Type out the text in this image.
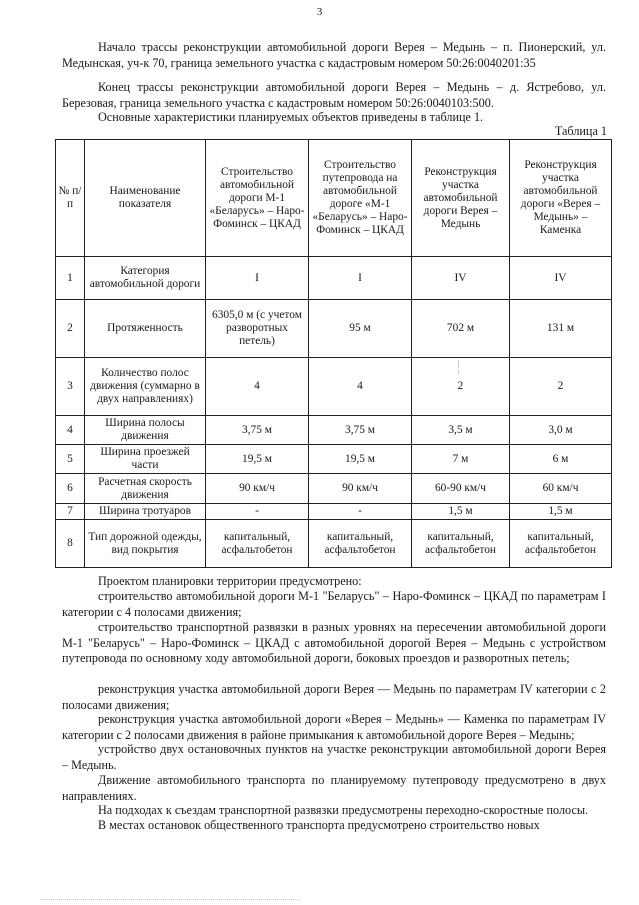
3

Начало трассы реконструкции автомобильной дороги Верея – Медынь – п. Пионерский, ул. Медынская, уч-к 70, граница земельного участка с кадастровым номером 50:26:0040201:35

Конец трассы реконструкции автомобильной дороги Верея – Медынь – д. Ястребово, ул. Березовая, граница земельного участка с кадастровым номером 50:26:0040103:500.

Основные характеристики планируемых объектов приведены в таблице 1.

Таблица 1
№ п/п	Наименование показателя	Строительство автомобильной дороги М-1 «Беларусь» – Наро-Фоминск – ЦКАД	Строительство путепровода на автомобильной дороге «М-1 «Беларусь» – Наро-Фоминск – ЦКАД	Реконструкция участка автомобильной дороги Верея – Медынь	Реконструкция участка автомобильной дороги «Верея – Медынь» – Каменка
1	Категория автомобильной дороги	I	I	IV	IV
2	Протяженность	6305,0 м (с учетом разворотных петель)	95 м	702 м	131 м
3	Количество полос движения (суммарно в двух направлениях)	4	4	2	2
4	Ширина полосы движения	3,75 м	3,75 м	3,5 м	3,0 м
5	Ширина проезжей части	19,5 м	19,5 м	7 м	6 м
6	Расчетная скорость движения	90 км/ч	90 км/ч	60-90 км/ч	60 км/ч
7	Ширина тротуаров	-	-	1,5 м	1,5 м
8	Тип дорожной одежды, вид покрытия	капитальный, асфальтобетон	капитальный, асфальтобетон	капитальный, асфальтобетон	капитальный, асфальтобетон

Проектом планировки территории предусмотрено:

строительство автомобильной дороги М-1 "Беларусь" – Наро-Фоминск – ЦКАД по параметрам I категории с 4 полосами движения;

строительство транспортной развязки в разных уровнях на пересечении автомобильной дороги М-1 "Беларусь" – Наро-Фоминск – ЦКАД с автомобильной дорогой Верея – Медынь с устройством путепровода по основному ходу автомобильной дороги, боковых проездов и разворотных петель;

реконструкция участка автомобильной дороги Верея — Медынь по параметрам IV категории с 2 полосами движения;

реконструкция участка автомобильной дороги «Верея – Медынь» — Каменка по параметрам IV категории с 2 полосами движения в районе примыкания к автомобильной дороге Верея – Медынь;

устройство двух остановочных пунктов на участке реконструкции автомобильной дороги Верея – Медынь.

Движение автомобильного транспорта по планируемому путепроводу предусмотрено в двух направлениях.

На подходах к съездам транспортной развязки предусмотрены переходно-скоростные полосы.

В местах остановок общественного транспорта предусмотрено строительство новых
